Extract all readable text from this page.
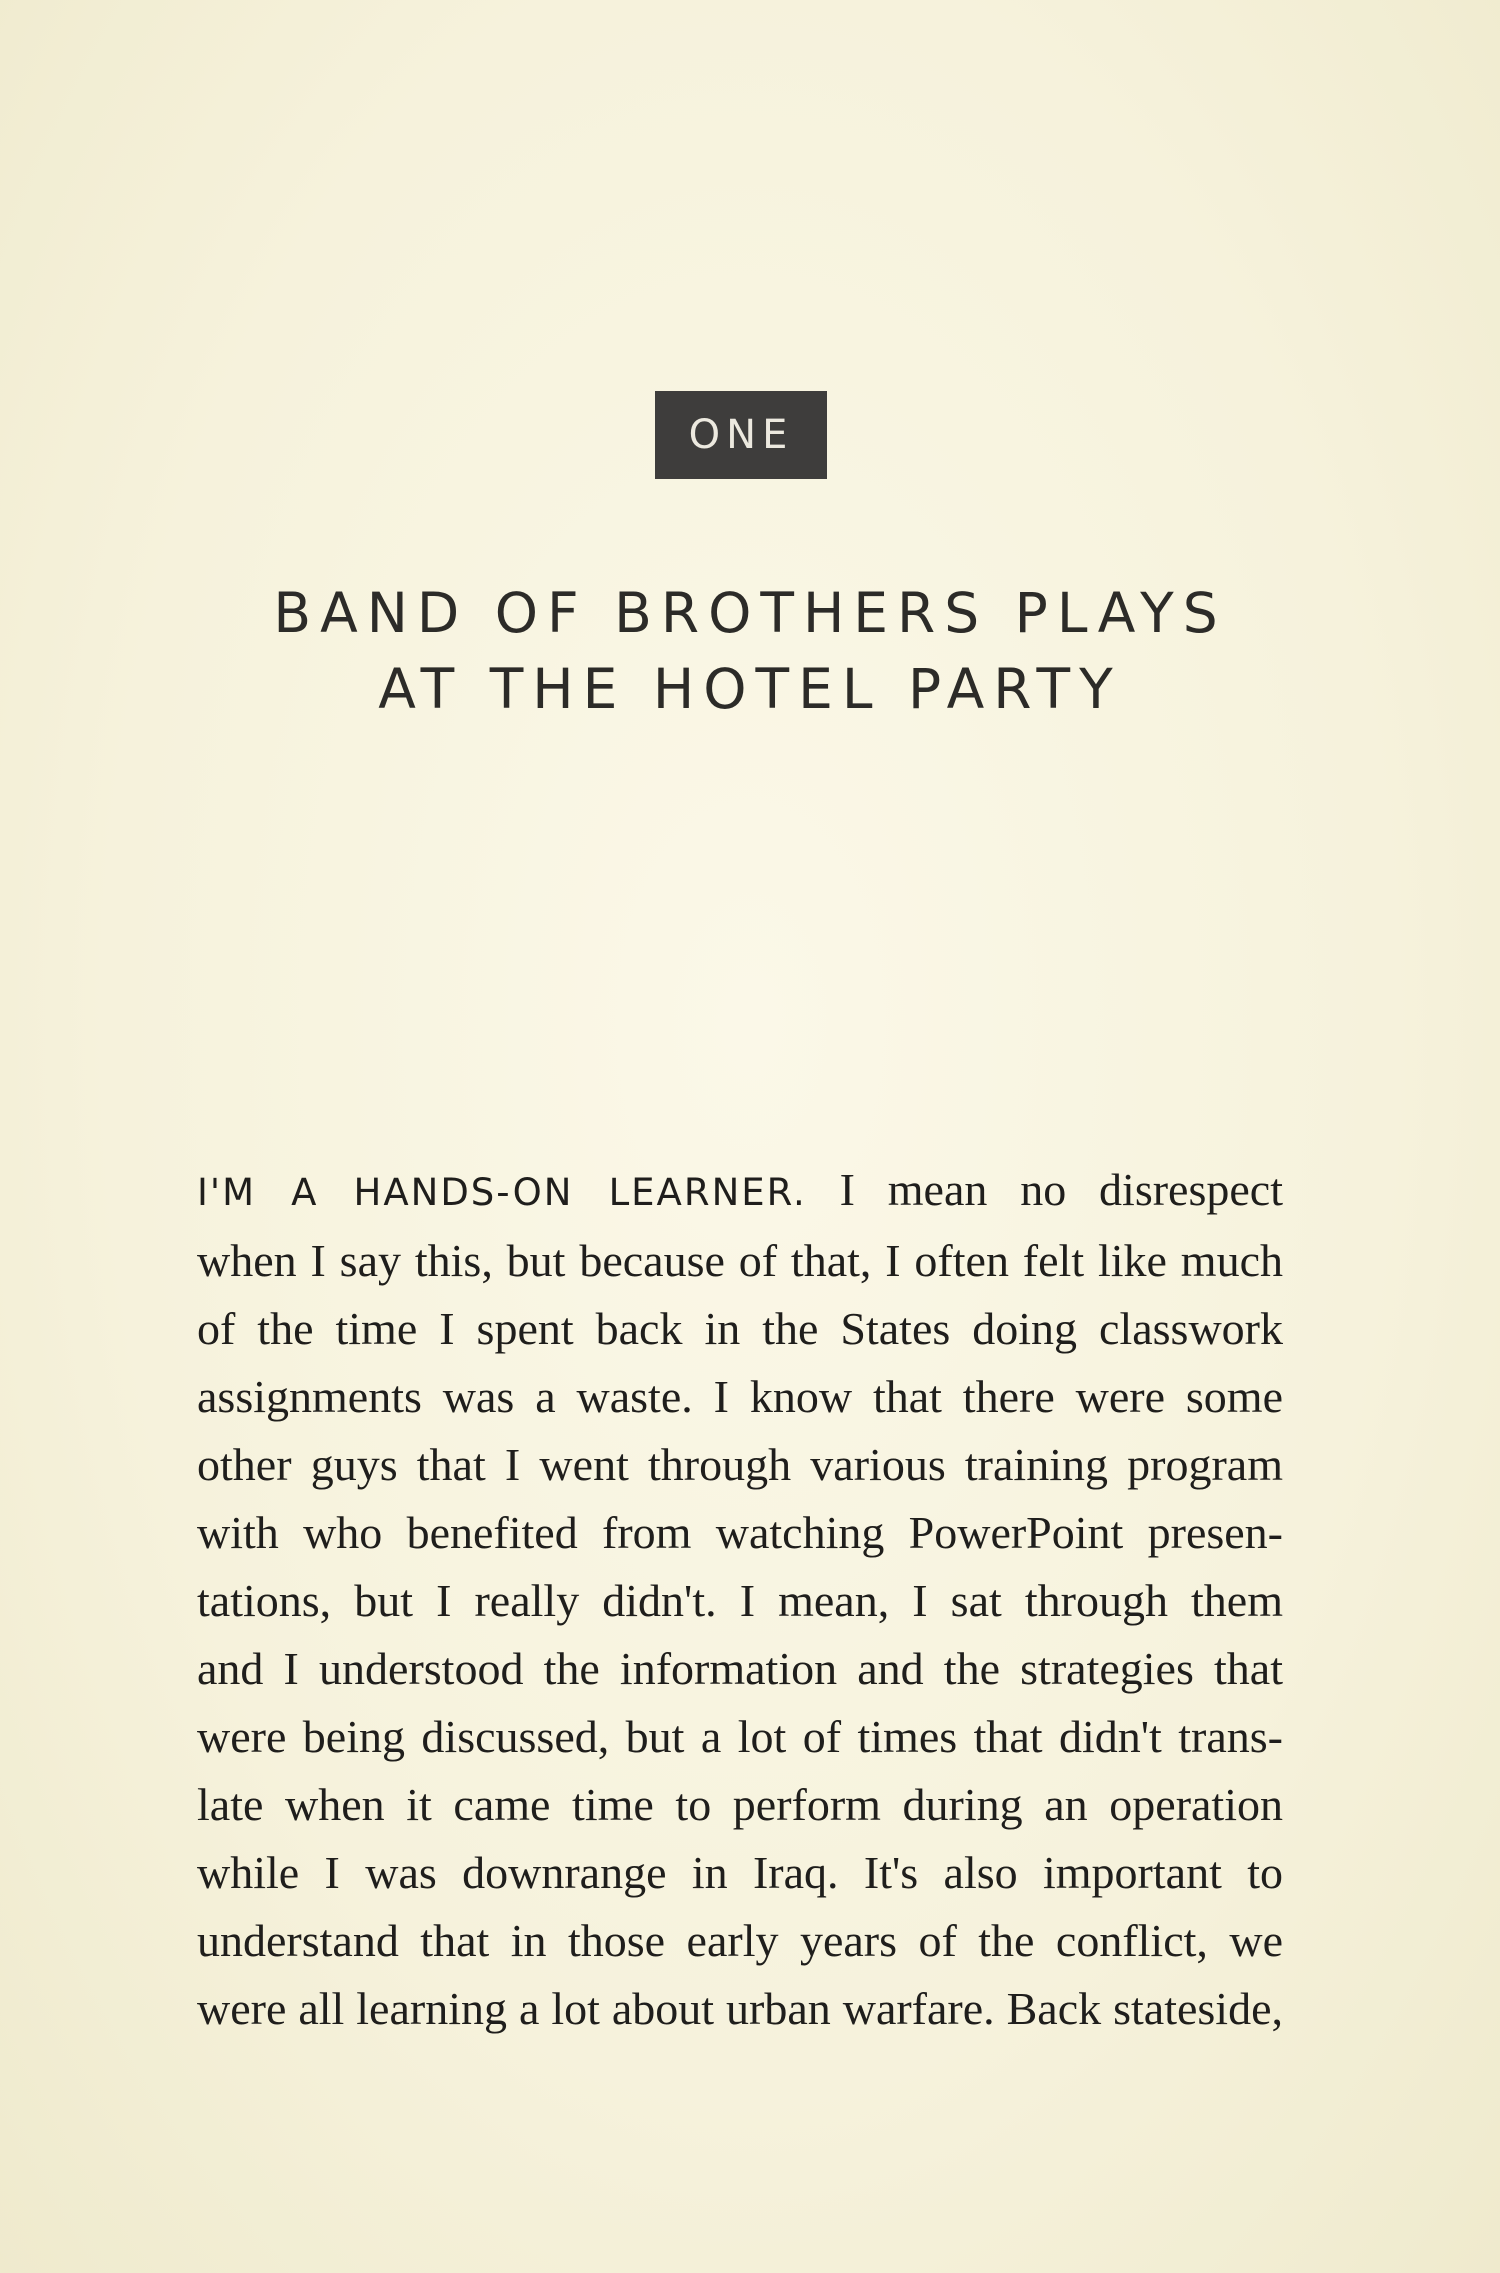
ONE
BAND OF BROTHERS PLAYS
AT THE HOTEL PARTY
I'M A HANDS-ON LEARNER. I mean no disrespect
when I say this, but because of that, I often felt like much
of the time I spent back in the States doing classwork
assignments was a waste. I know that there were some
other guys that I went through various training program
with who benefited from watching PowerPoint presen-
tations, but I really didn't. I mean, I sat through them
and I understood the information and the strategies that
were being discussed, but a lot of times that didn't trans-
late when it came time to perform during an operation
while I was downrange in Iraq. It's also important to
understand that in those early years of the conflict, we
were all learning a lot about urban warfare. Back stateside,
